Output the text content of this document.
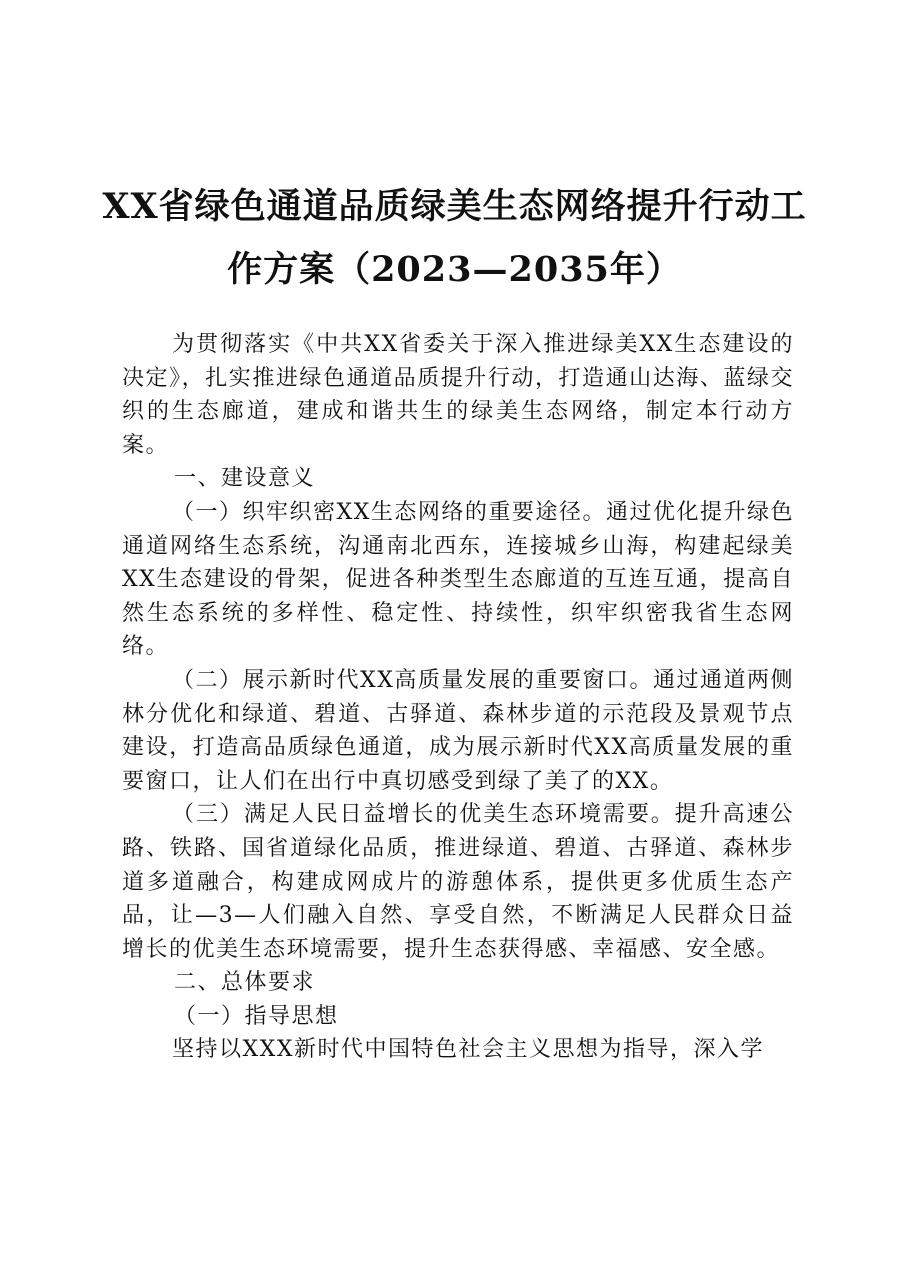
XX省绿色通道品质绿美生态网络提升行动工
作方案（2023—2035年）

为贯彻落实《中共XX省委关于深入推进绿美XX生态建设的决定》，扎实推进绿色通道品质提升行动，打造通山达海、蓝绿交织的生态廊道，建成和谐共生的绿美生态网络，制定本行动方案。

一、建设意义

（一）织牢织密XX生态网络的重要途径。通过优化提升绿色通道网络生态系统，沟通南北西东，连接城乡山海，构建起绿美XX生态建设的骨架，促进各种类型生态廊道的互连互通，提高自然生态系统的多样性、稳定性、持续性，织牢织密我省生态网络。

（二）展示新时代XX高质量发展的重要窗口。通过通道两侧林分优化和绿道、碧道、古驿道、森林步道的示范段及景观节点建设，打造高品质绿色通道，成为展示新时代XX高质量发展的重要窗口，让人们在出行中真切感受到绿了美了的XX。

（三）满足人民日益增长的优美生态环境需要。提升高速公路、铁路、国省道绿化品质，推进绿道、碧道、古驿道、森林步道多道融合，构建成网成片的游憩体系，提供更多优质生态产品，让—3—人们融入自然、享受自然，不断满足人民群众日益增长的优美生态环境需要，提升生态获得感、幸福感、安全感。

二、总体要求

（一）指导思想

坚持以XXX新时代中国特色社会主义思想为指导，深入学
